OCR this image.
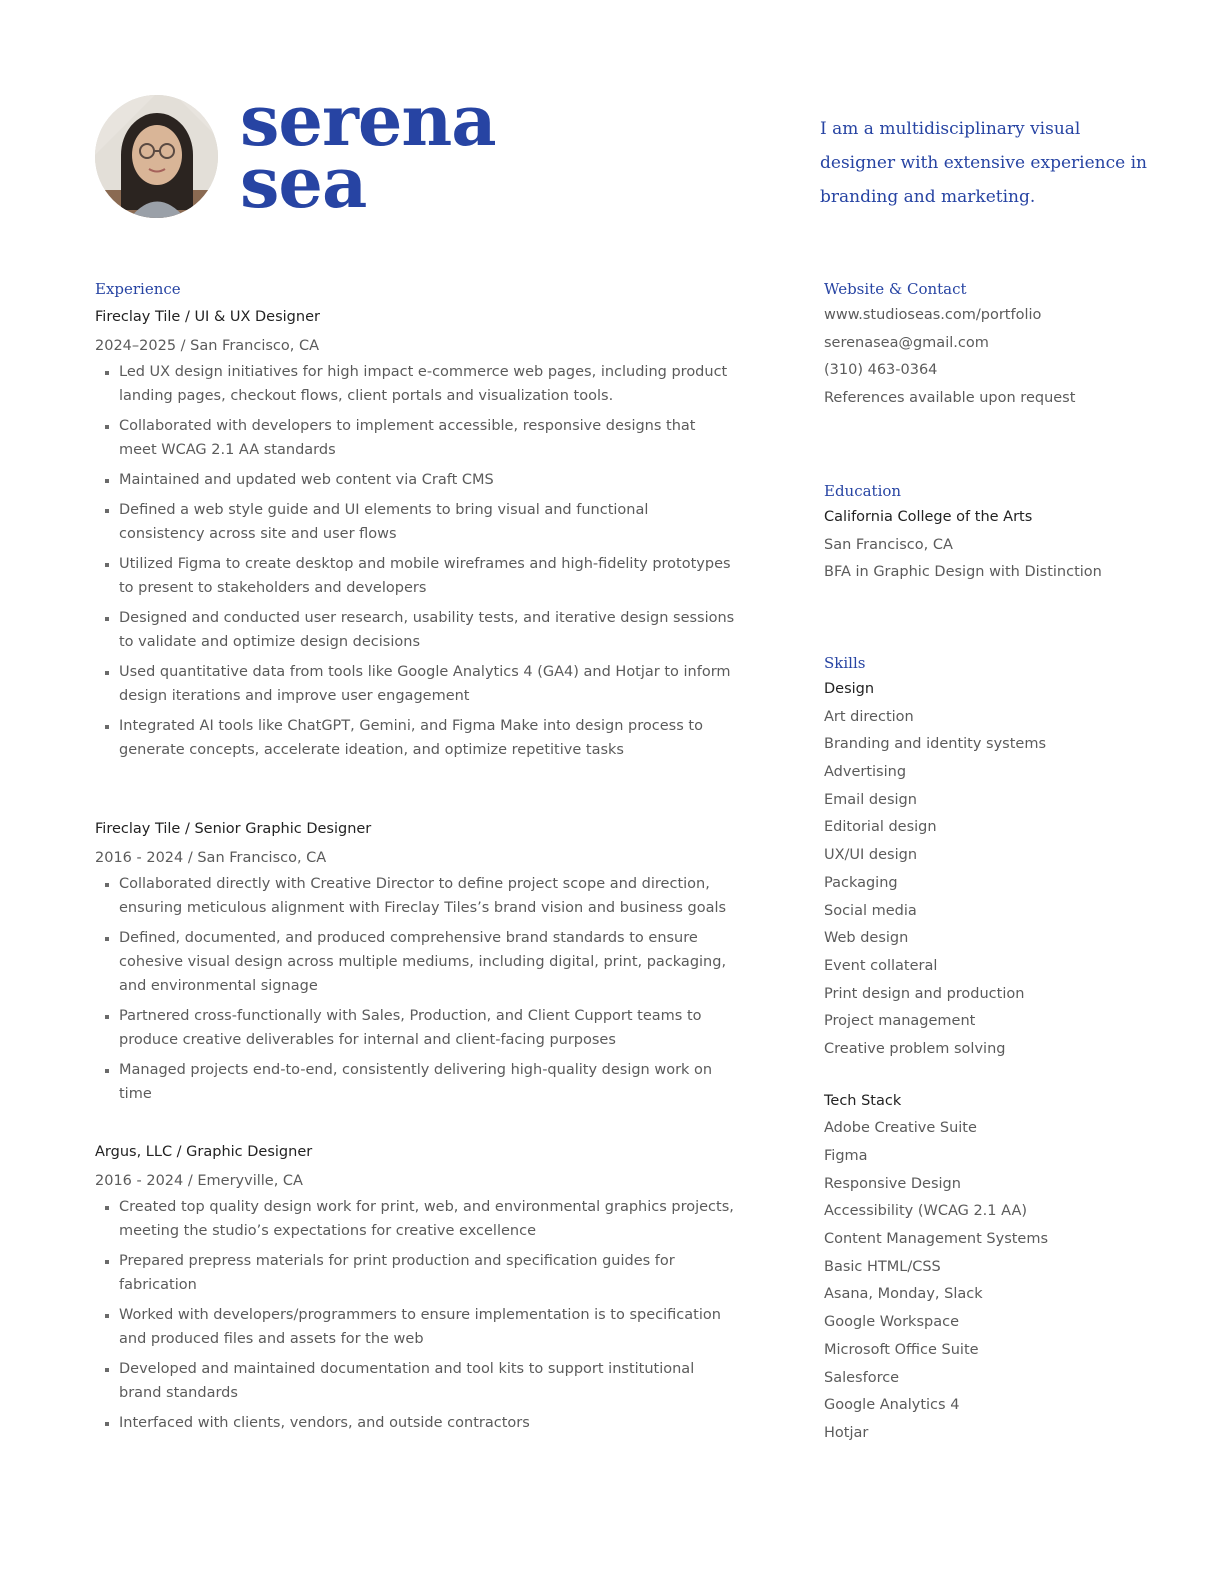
serena
sea
I am a multidisciplinary visual designer with extensive experience in branding and marketing.
Experience
Fireclay Tile / UI & UX Designer
2024–2025 / San Francisco, CA
Led UX design initiatives for high impact e-commerce web pages, including product landing pages, checkout flows, client portals and visualization tools.
Collaborated with developers to implement accessible, responsive designs that meet WCAG 2.1 AA standards
Maintained and updated web content via Craft CMS
Defined a web style guide and UI elements to bring visual and functional consistency across site and user flows
Utilized Figma to create desktop and mobile wireframes and high-fidelity prototypes to present to stakeholders and developers
Designed and conducted user research, usability tests, and iterative design sessions to validate and optimize design decisions
Used quantitative data from tools like Google Analytics 4 (GA4) and Hotjar to inform design iterations and improve user engagement
Integrated AI tools like ChatGPT, Gemini, and Figma Make into design process to generate concepts, accelerate ideation, and optimize repetitive tasks
Fireclay Tile / Senior Graphic Designer
2016 - 2024 / San Francisco, CA
Collaborated directly with Creative Director to define project scope and direction, ensuring meticulous alignment with Fireclay Tiles’s brand vision and business goals
Defined, documented, and produced comprehensive brand standards to ensure cohesive visual design across multiple mediums, including digital, print, packaging, and environmental signage
Partnered cross-functionally with Sales, Production, and Client Cupport teams to produce creative deliverables for internal and client-facing purposes
Managed projects end-to-end, consistently delivering high-quality design work on time
Argus, LLC / Graphic Designer
2016 - 2024 / Emeryville, CA
Created top quality design work for print, web, and environmental graphics projects, meeting the studio’s expectations for creative excellence
Prepared prepress materials for print production and specification guides for fabrication
Worked with developers/programmers to ensure implementation is to specification and produced files and assets for the web
Developed and maintained documentation and tool kits to support institutional brand standards
Interfaced with clients, vendors, and outside contractors
Website & Contact
www.studioseas.com/portfolio
serenasea@gmail.com
(310) 463-0364
References available upon request
Education
California College of the Arts
San Francisco, CA
BFA in Graphic Design with Distinction
Skills
Design
Art direction
Branding and identity systems
Advertising
Email design
Editorial design
UX/UI design
Packaging
Social media
Web design
Event collateral
Print design and production
Project management
Creative problem solving
Tech Stack
Adobe Creative Suite
Figma
Responsive Design
Accessibility (WCAG 2.1 AA)
Content Management Systems
Basic HTML/CSS
Asana, Monday, Slack
Google Workspace
Microsoft Office Suite
Salesforce
Google Analytics 4
Hotjar
